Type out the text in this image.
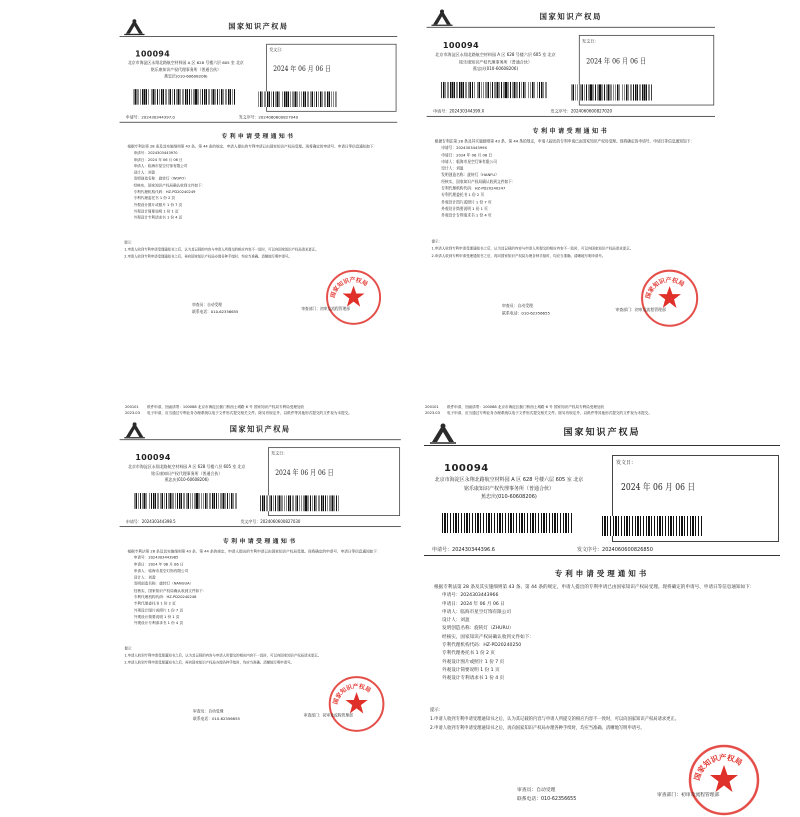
国家知识产权局
100094
北京市海淀区永翔北路航空材料园 A 区 628 号楼六层 605 室 北京铭乐康知识产权代理事务所（普通合伙）
蕉忠庆(010-60608206)
发文日：
2024 年 06 月 06 日
申请号：202430344397.0	发文序号：2024060600827040
专利申请受理通知书

根据专利法第 28 条及其实施细则第 43 条、第 44 条的规定，申请人提出的专利申请已由国家知识产权局受理。现将确定的申请号、申请日等信息通知如下：

申请号：2024303443970

申请日：2024 年 06 月 06 日

申请人：临海市星空灯饰有限公司

设计人：刘盈

发明创造名称：旋转灯（WUPO）

经核实，国家知识产权局确认收到文件如下：

专利代理机构代码：HZ-PD20240249

专利代理委托书 1 份 2 页

外观设计图片或照片 1 份 7 页

外观设计简要说明 1 份 1 页

外观设计专利请求书 1 份 4 页

提示：

1.申请人收到专利申请受理通知书之后，认为其记载的内容与申请人所提交的相应内容不一致时，可以向国家知识产权局请求更正。

2.申请人收到专利申请受理通知书之后，再向国家知识产权局办理各种手续时，均应当准确、清晰地写明申请号。

国家知识产权局
审查员：自动受理
联系电话：010-62356655
审查部门：初审及流程管理部
国家知识产权局
100094
北京市海淀区永翔北路航空材料园 A 区 628 号楼六层 605 室 北京铭乐康知识产权代理事务所（普通合伙）
蕉忠庆(010-60608206)
发文日：
2024 年 06 月 06 日
申请号：202430344399.X	发文序号：2024060600827020
专利申请受理通知书

根据专利法第 28 条及其实施细则第 43 条、第 44 条的规定，申请人提出的专利申请已由国家知识产权局受理。现将确定的申请号、申请日等信息通知如下：

申请号：202430344399X

申请日：2024 年 06 月 06 日

申请人：临海市星空灯饰有限公司

设计人：刘盈

发明创造名称：旋转灯（HANFU）

经核实，国家知识产权局确认收到文件如下：

专利代理机构代码：HZ-PD20240247

专利代理委托书 1 份 2 页

外观设计图片或照片 1 份 7 页

外观设计简要说明 1 份 1 页

外观设计专利请求书 1 份 4 页

提示：

1.申请人收到专利申请受理通知书之后，认为其记载的内容与申请人所提交的相应内容不一致时，可以向国家知识产权局请求更正。

2.申请人收到专利申请受理通知书之后，再向国家知识产权局办理各种手续时，均应当准确、清晰地写明申请号。

国家知识产权局
审查员：自动受理
联系电话：010-62356655
审查部门：初审及流程管理部
国家知识产权局
100094
北京市海淀区永翔北路航空材料园 A 区 628 号楼六层 605 室 北京铭乐康知识产权代理事务所（普通合伙）
蕉忠庆(010-60608206)
发文日：
2024 年 06 月 06 日
申请号：202430344398.5	发文序号：2024060600827030
专利申请受理通知书

根据专利法第 28 条及其实施细则第 43 条、第 44 条的规定，申请人提出的专利申请已由国家知识产权局受理。现将确定的申请号、申请日等信息通知如下：

申请号：2024303443985

申请日：2024 年 06 月 06 日

申请人：临海市星空灯饰有限公司

设计人：刘盈

发明创造名称：旋转灯（NANGUA）

经核实，国家知识产权局确认收到文件如下：

专利代理机构代码：HZ-PD20240248

专利代理委托书 1 份 2 页

外观设计图片或照片 1 份 7 页

外观设计简要说明 1 份 1 页

外观设计专利请求书 1 份 4 页

提示：

1.申请人收到专利申请受理通知书之后，认为其记载的内容与申请人所提交的相应内容不一致时，可以向国家知识产权局请求更正。

2.申请人收到专利申请受理通知书之后，再向国家知识产权局办理各种手续时，均应当准确、清晰地写明申请号。

国家知识产权局
审查员：自动受理
联系电话：010-62356655
审查部门：初审及流程管理部
国家知识产权局
100094
北京市海淀区永翔北路航空材料园 A 区 628 号楼六层 605 室 北京铭乐康知识产权代理事务所（普通合伙）
蕉忠庆(010-60608206)
发文日：
2024 年 06 月 06 日
申请号：202430344396.6	发文序号：2024060600826850
专利申请受理通知书

根据专利法第 28 条及其实施细则第 43 条、第 44 条的规定，申请人提出的专利申请已由国家知识产权局受理。现将确定的申请号、申请日等信息通知如下：

申请号：2024303443966

申请日：2024 年 06 月 06 日

申请人：临海市星空灯饰有限公司

设计人：刘盈

发明创造名称：旋转灯（ZHURU）

经核实，国家知识产权局确认收到文件如下：

专利代理机构代码：HZ-PD20240250

专利代理委托书 1 份 2 页

外观设计图片或照片 1 份 7 页

外观设计简要说明 1 份 1 页

外观设计专利请求书 1 份 4 页

提示：

1.申请人收到专利申请受理通知书之后，认为其记载的内容与申请人所提交的相应内容不一致时，可以向国家知识产权局请求更正。

2.申请人收到专利申请受理通知书之后，再向国家知识产权局办理各种手续时，均应当准确、清晰地写明申请号。

国家知识产权局
审查员：自动受理
联系电话：010-62356655
审查部门：初审及流程管理部
200101
2023.03
纸件申请，回函请寄：100088 北京市海淀区蓟门桥西土城路 6 号 国家知识产权局专利局受理处收
电子申请，应当通过专利业务办理系统以电子文件形式提交相关文件。除另有规定外，以纸件等其他形式提交的文件视为未提交。
200101
2023.03
纸件申请，回函请寄：100088 北京市海淀区蓟门桥西土城路 6 号 国家知识产权局专利局受理处收
电子申请，应当通过专利业务办理系统以电子文件形式提交相关文件。除另有规定外，以纸件等其他形式提交的文件视为未提交。
